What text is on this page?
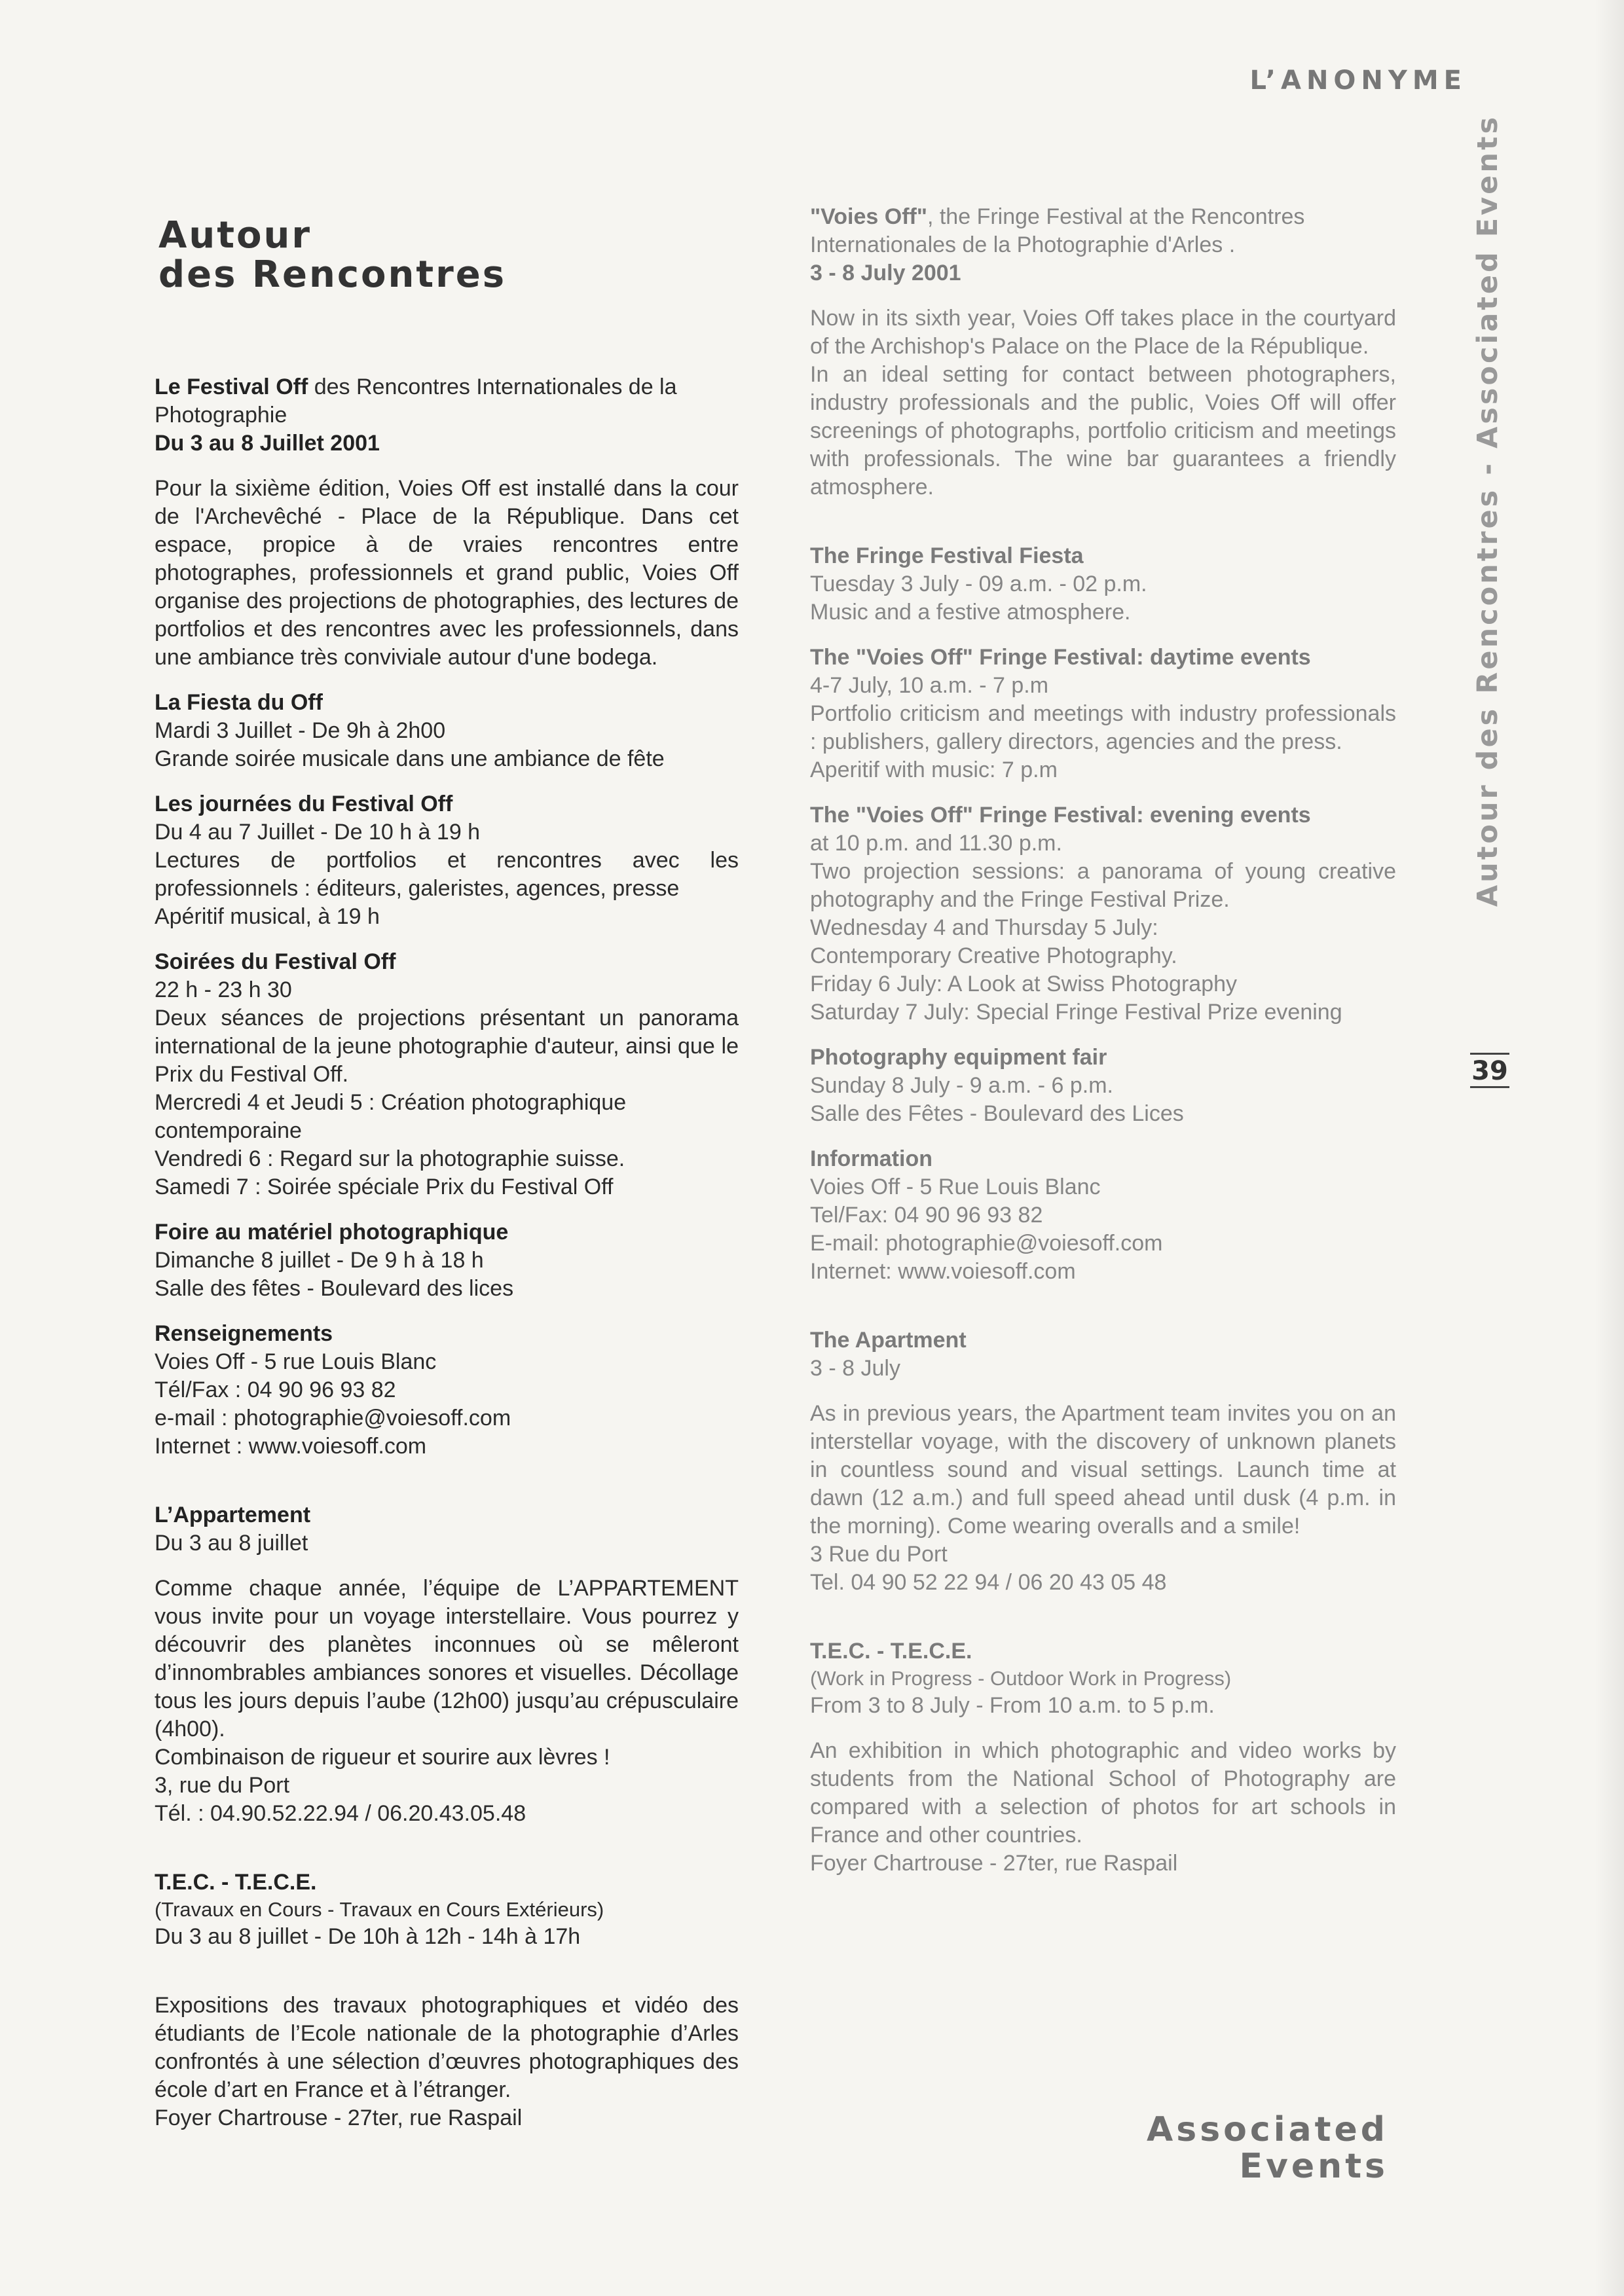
L’ANONYME
Autour des Rencontres - Associated Events
39
Autour
des Rencontres
Le Festival Off des Rencontres Internationales de la Photographie
Du 3 au 8 Juillet 2001
Pour la sixième édition, Voies Off est installé dans la cour de l'Archevêché - Place de la République. Dans cet espace, propice à de vraies rencontres entre photographes, professionnels et grand public, Voies Off organise des projections de photographies, des lectures de portfolios et des rencontres avec les professionnels, dans une ambiance très conviviale autour d'une bodega.
La Fiesta du Off
Mardi 3 Juillet - De 9h à 2h00
Grande soirée musicale dans une ambiance de fête
Les journées du Festival Off
Du 4 au 7 Juillet - De 10 h à 19 h
Lectures de portfolios et rencontres avec les professionnels : éditeurs, galeristes, agences, presse
Apéritif musical, à 19 h
Soirées du Festival Off
22 h - 23 h 30
Deux séances de projections présentant un panorama international de la jeune photographie d'auteur, ainsi que le Prix du Festival Off.
Mercredi 4 et Jeudi 5 : Création photographique contemporaine
Vendredi 6 : Regard sur la photographie suisse.
Samedi 7 : Soirée spéciale Prix du Festival Off
Foire au matériel photographique
Dimanche 8 juillet - De 9 h à 18 h
Salle des fêtes - Boulevard des lices
Renseignements
Voies Off - 5 rue Louis Blanc
Tél/Fax : 04 90 96 93 82
e-mail : photographie@voiesoff.com
Internet : www.voiesoff.com
L’Appartement
Du 3 au 8 juillet
Comme chaque année, l’équipe de L’APPARTEMENT vous invite pour un voyage interstellaire. Vous pourrez y découvrir des planètes inconnues où se mêleront d’innombrables ambiances sonores et visuelles. Décollage tous les jours depuis l’aube (12h00) jusqu’au crépusculaire (4h00).
Combinaison de rigueur et sourire aux lèvres !
3, rue du Port
Tél. : 04.90.52.22.94 / 06.20.43.05.48
T.E.C. - T.E.C.E.
(Travaux en Cours - Travaux en Cours Extérieurs)
Du 3 au 8 juillet - De 10h à 12h - 14h à 17h
Expositions des travaux photographiques et vidéo des étudiants de l’Ecole nationale de la photographie d’Arles confrontés à une sélection d’œuvres photographiques des école d’art en France et à l’étranger.
Foyer Chartrouse - 27ter, rue Raspail
"Voies Off", the Fringe Festival at the Rencontres Internationales de la Photographie d'Arles .
3 - 8 July 2001
Now in its sixth year, Voies Off takes place in the courtyard of the Archishop's Palace on the Place de la République.
In an ideal setting for contact between photographers, industry professionals and the public, Voies Off will offer screenings of photographs, portfolio criticism and meetings with professionals. The wine bar guarantees a friendly atmosphere.
The Fringe Festival Fiesta
Tuesday 3 July - 09 a.m. - 02 p.m.
Music and a festive atmosphere.
The "Voies Off" Fringe Festival: daytime events
4-7 July, 10 a.m. - 7 p.m
Portfolio criticism and meetings with industry professionals : publishers, gallery directors, agencies and the press.
Aperitif with music: 7 p.m
The "Voies Off" Fringe Festival: evening events
at 10 p.m. and 11.30 p.m.
Two projection sessions: a panorama of young creative photography and the Fringe Festival Prize.
Wednesday 4 and Thursday 5 July:
Contemporary Creative Photography.
Friday 6 July: A Look at Swiss Photography
Saturday 7 July: Special Fringe Festival Prize evening
Photography equipment fair
Sunday 8 July - 9 a.m. - 6 p.m.
Salle des Fêtes - Boulevard des Lices
Information
Voies Off - 5 Rue Louis Blanc
Tel/Fax: 04 90 96 93 82
E-mail: photographie@voiesoff.com
Internet: www.voiesoff.com
The Apartment
3 - 8 July
As in previous years, the Apartment team invites you on an interstellar voyage, with the discovery of unknown planets in countless sound and visual settings. Launch time at dawn (12 a.m.) and full speed ahead until dusk (4 p.m. in the morning). Come wearing overalls and a smile!
3 Rue du Port
Tel. 04 90 52 22 94 / 06 20 43 05 48
T.E.C. - T.E.C.E.
(Work in Progress - Outdoor Work in Progress)
From 3 to 8 July - From 10 a.m. to 5 p.m.
An exhibition in which photographic and video works by students from the National School of Photography are compared with a selection of photos for art schools in France and other countries.
Foyer Chartrouse - 27ter, rue Raspail
Associated
Events
